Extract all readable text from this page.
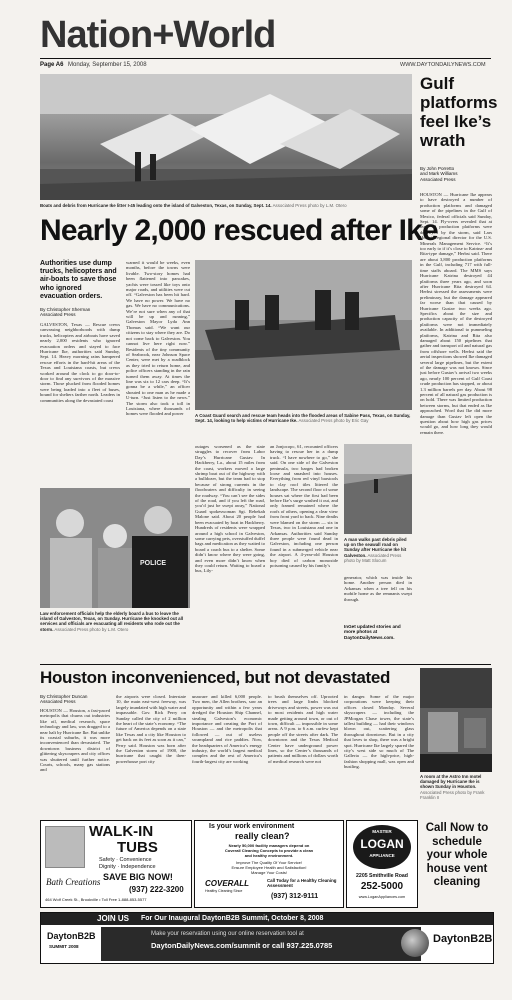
Nation+World
Page A6 Monday, September 15, 2008	WWW.DAYTONDAILYNEWS.COM
Boats and debris from Hurricane Ike litter I-45 leading onto the island of Galveston, Texas, on Sunday, Sept. 14. Associated Press photo by L.M. Otero
Gulf platforms feel Ike’s wrath
By John Porretto
and Mark Williams
Associated Press
HOUSTON — Hurricane Ike appears to have destroyed a number of production platforms and damaged some of the pipelines in the Gulf of Mexico, federal officials said Sunday, Sept. 14. Fly-overs revealed that at least 10 production platforms were destroyed by the storm, said Lars Herbst, regional director for the U.S. Minerals Management Service. “It’s too early to if it’s close to Katrina- and Rita-type damage,” Herbst said. There are about 3,800 production platforms in the Gulf, including 717 with full-time staffs aboard. The MMS says Hurricane Katrina destroyed 44 platforms three years ago, and soon after Hurricane Rita destroyed 64. Herbst stressed the assessments were preliminary, but the damage appeared far worse than that caused by Hurricane Gustav two weeks ago. Specifics about the size and production capacity of the destroyed platforms were not immediately available. In additional to pummeling platforms, Katrina and Rita also damaged about 150 pipelines that gather and transport oil and natural gas from offshore wells. Herbst said the aerial inspections showed Ike damaged several large pipelines, but the extent of the damage was not known. Since just before Gustav’s arrival two weeks ago, nearly 100 percent of Gulf Coast crude production has stopped, or about 1.3 million barrels per day. About 98 percent of all natural gas production is on hold. There was limited production between storms, but that ended as Ike approached. Word that Ike did more damage than Gustav left open the question about how high gas prices would go, and how long they would remain there.
Nearly 2,000 rescued after Ike
Authorities use dump trucks, helicopters and air-boats to save those who ignored evacuation orders.
By Christopher Sherman
Associated Press
GALVESTON, Texas — Rescue crews canvassing neighborhoods with dump trucks, helicopters and airboats have saved nearly 2,000 residents who ignored evacuation orders and stayed to face Hurricane Ike, authorities said Sunday, Sept. 14. Heavy morning rains hampered rescue efforts in the hard-hit areas of the Texas and Louisiana coasts, but crews worked around the clock to go door-to-door to find any survivors of the massive storm. Those plucked from flooded homes were being loaded into a fleet of buses, bound for shelters farther north. Leaders in communities along the devastated coast
warned it would be weeks, even months, before the towns were livable. Two-story homes had been flattened into pancakes, yachts were tossed like toys onto major roads, and utilities were cut off. “Galveston has been hit hard. We have no power. We have no gas. We have no communications. We’re not sure when any of that will be up and running,” Galveston Mayor Lyda Ann Thomas said. “We want our citizens to stay where they are. Do not come back to Galveston. You cannot live here right now.” Residents of the tiny community of Seabrook, near Johnson Space Center, were met by a roadblock as they tried to return home, and police officers standing in the rain turned them away. At times the line was six to 12 cars deep. “It’s gonna be a while,” an officer shouted to one man as he made a U-turn. “Just listen to the news.” The storm also took a toll in Louisiana, where thousands of homes were flooded and power	A Coast Guard search and rescue team heads into the flooded areas of Sabine Pass, Texas, on Sunday, Sept. 14, looking to help victims of Hurricane Ike. Associated Press photo by Eric Gay
POLICE
Law enforcement officials help the elderly board a bus to leave the island of Galveston, Texas, on Sunday. Hurricane Ike knocked out all services and officials are evacuating all residents who rode out the storm. Associated Press photo by L.M. Otero
outages worsened as the state struggles to recover from Labor Day’s Hurricane Gustav. In Hackberry, La., about 15 miles from the coast, workers moved a large shrimp boat out of the highway with a bulldozer, but the team had to stop because of strong currents in the floodwaters and difficulty in seeing the roadway. “You can’t see the sides of the road, and if you left the road, you’d just be swept away,” National Guard spokeswoman Sgt. Rebekah Malone said. About 20 people had been evacuated by boat in Hackberry. Hundreds of residents were wrapped around a high school in Galveston, some carrying pets, overstuffed duffel bags and medication as they waited to board a coach bus to a shelter. Some didn’t know where they were going, and even more didn’t know when they could return. Waiting to board a bus, Lily-
an Jonjocopc, 61, recounted officers having to rescue her in a dump truck. “I have nowhere to go,” she said. On one side of the Galveston peninsula, two barges had broken loose and smashed into houses. Everything from red vinyl barstools to clay roof tiles littered the landscape. The second floor of some houses sat where the first had been before Ike’s surge washed it out, and only framed remained where the roofs of others, opening a clear view from front yard to back. Nine deaths were blamed on the storm — six in Texas, two in Louisiana and one in Arkansas. Authorities said Sunday three people were found dead in Galveston, including one person found in a submerged vehicle near the airport. A 4-year-old Houston boy died of carbon monoxide poisoning caused by his family’s
A man walks past debris piled up on the seawall road on Sunday after Hurricane Ike hit Galveston. Associated Press photo by Matt Slocum
generator, which was inside his home. Another person died in Arkansas when a tree fell on his mobile home as the remnants swept through.
InGet updated stories and more photos at DaytonDailyNews.com.
Houston inconvenienced, but not devastated
By Christopher Duncan
Associated Press
HOUSTON — Houston, a fast-paced metropolis that churns out industries like oil, medical research, space technology and law, was dragged to a near halt by Hurricane Ike. But unlike its coastal suburbs, it was more inconvenienced than devastated. The downtown business district of glittering skyscrapers and city offices was shuttered until further notice. Courts, schools, many gas stations and
the airports were closed. Interstate 10, the main east-west freeway, was largely inundated with high water and impassable. Gov. Rick Perry on Sunday called the city of 2 million the heart of the state’s economy. “The future of America depends on a state like Texas and a city like Houston to get back on its feet as soon as it can,” Perry said. Houston was born after the Galveston storm of 1900, the hurricane that caught the then-powerhouse port city
unaware and killed 6,000 people. Two men, the Allen brothers, saw an opportunity and within a few years dredged the Houston Ship Channel, stealing Galveston’s economic importance and creating the Port of Houston — and the metropolis that followed — out of useless swampland and rice paddies. Now, the headquarters of America’s energy industry, the world’s largest medical complex and the rest of America’s fourth-largest city are working
to brush themselves off. Uprooted trees and large limbs blocked driveways and streets, power was out to most residents and high water made getting around town, or out of town, difficult — impossible in some areas. A 9 p.m. to 6 a.m. curfew kept people off the streets after dark. The downtown and the Texas Medical Center have underground power lines, so the Center’s thousands of patients and millions of dollars worth of medical research were not
in danger. Some of the major corporations were keeping their offices closed Monday. Several skyscrapers — including the JPMorgan Chase tower, the state’s tallest building — had their windows blown out, scattering glass throughout downtown. But in a city that loves to shop, there was a bright spot. Hurricane Ike largely spared the city’s west side so much of The Galleria — the high-price, high-fashion shopping mall, was open and bustling.
A room at the Astro Inn motel damaged by Hurricane Ike is shown Sunday in Houston. Associated Press photo by Frank Franklin II
WALK-IN
TUBS
Safety · Convenience
Dignity · Independence
SAVE BIG NOW!
Bath Creations
(937) 222-3200
464 Wolf Creek St., Brookville • Toll Free 1-888-853-5577
Is your work environment
really clean?
Nearly 50,000 facility managers depend on
Coverall Cleaning Concepts to provide a clean
and healthy environment.
Improve The Quality Of Your Service!
Ensure Employee Health and Satisfaction!
Manage Your Costs!
COVERALL
Healthy Cleaning Since
Call Today for a Healthy Cleaning Assessment
(937) 312-9111
MASTER
LOGAN
APPLIANCE
2205 Smithville Road
252-5000
www.LoganAppliances.com
Call Now to schedule your whole house vent cleaning
JOIN US For Our Inaugural DaytonB2B Summit, October 8, 2008
Make your reservation using our online reservation tool at
DaytonDailyNews.com/summit or call 937.225.0785
DaytonB2B
SUMMIT 2008
DaytonB2B
